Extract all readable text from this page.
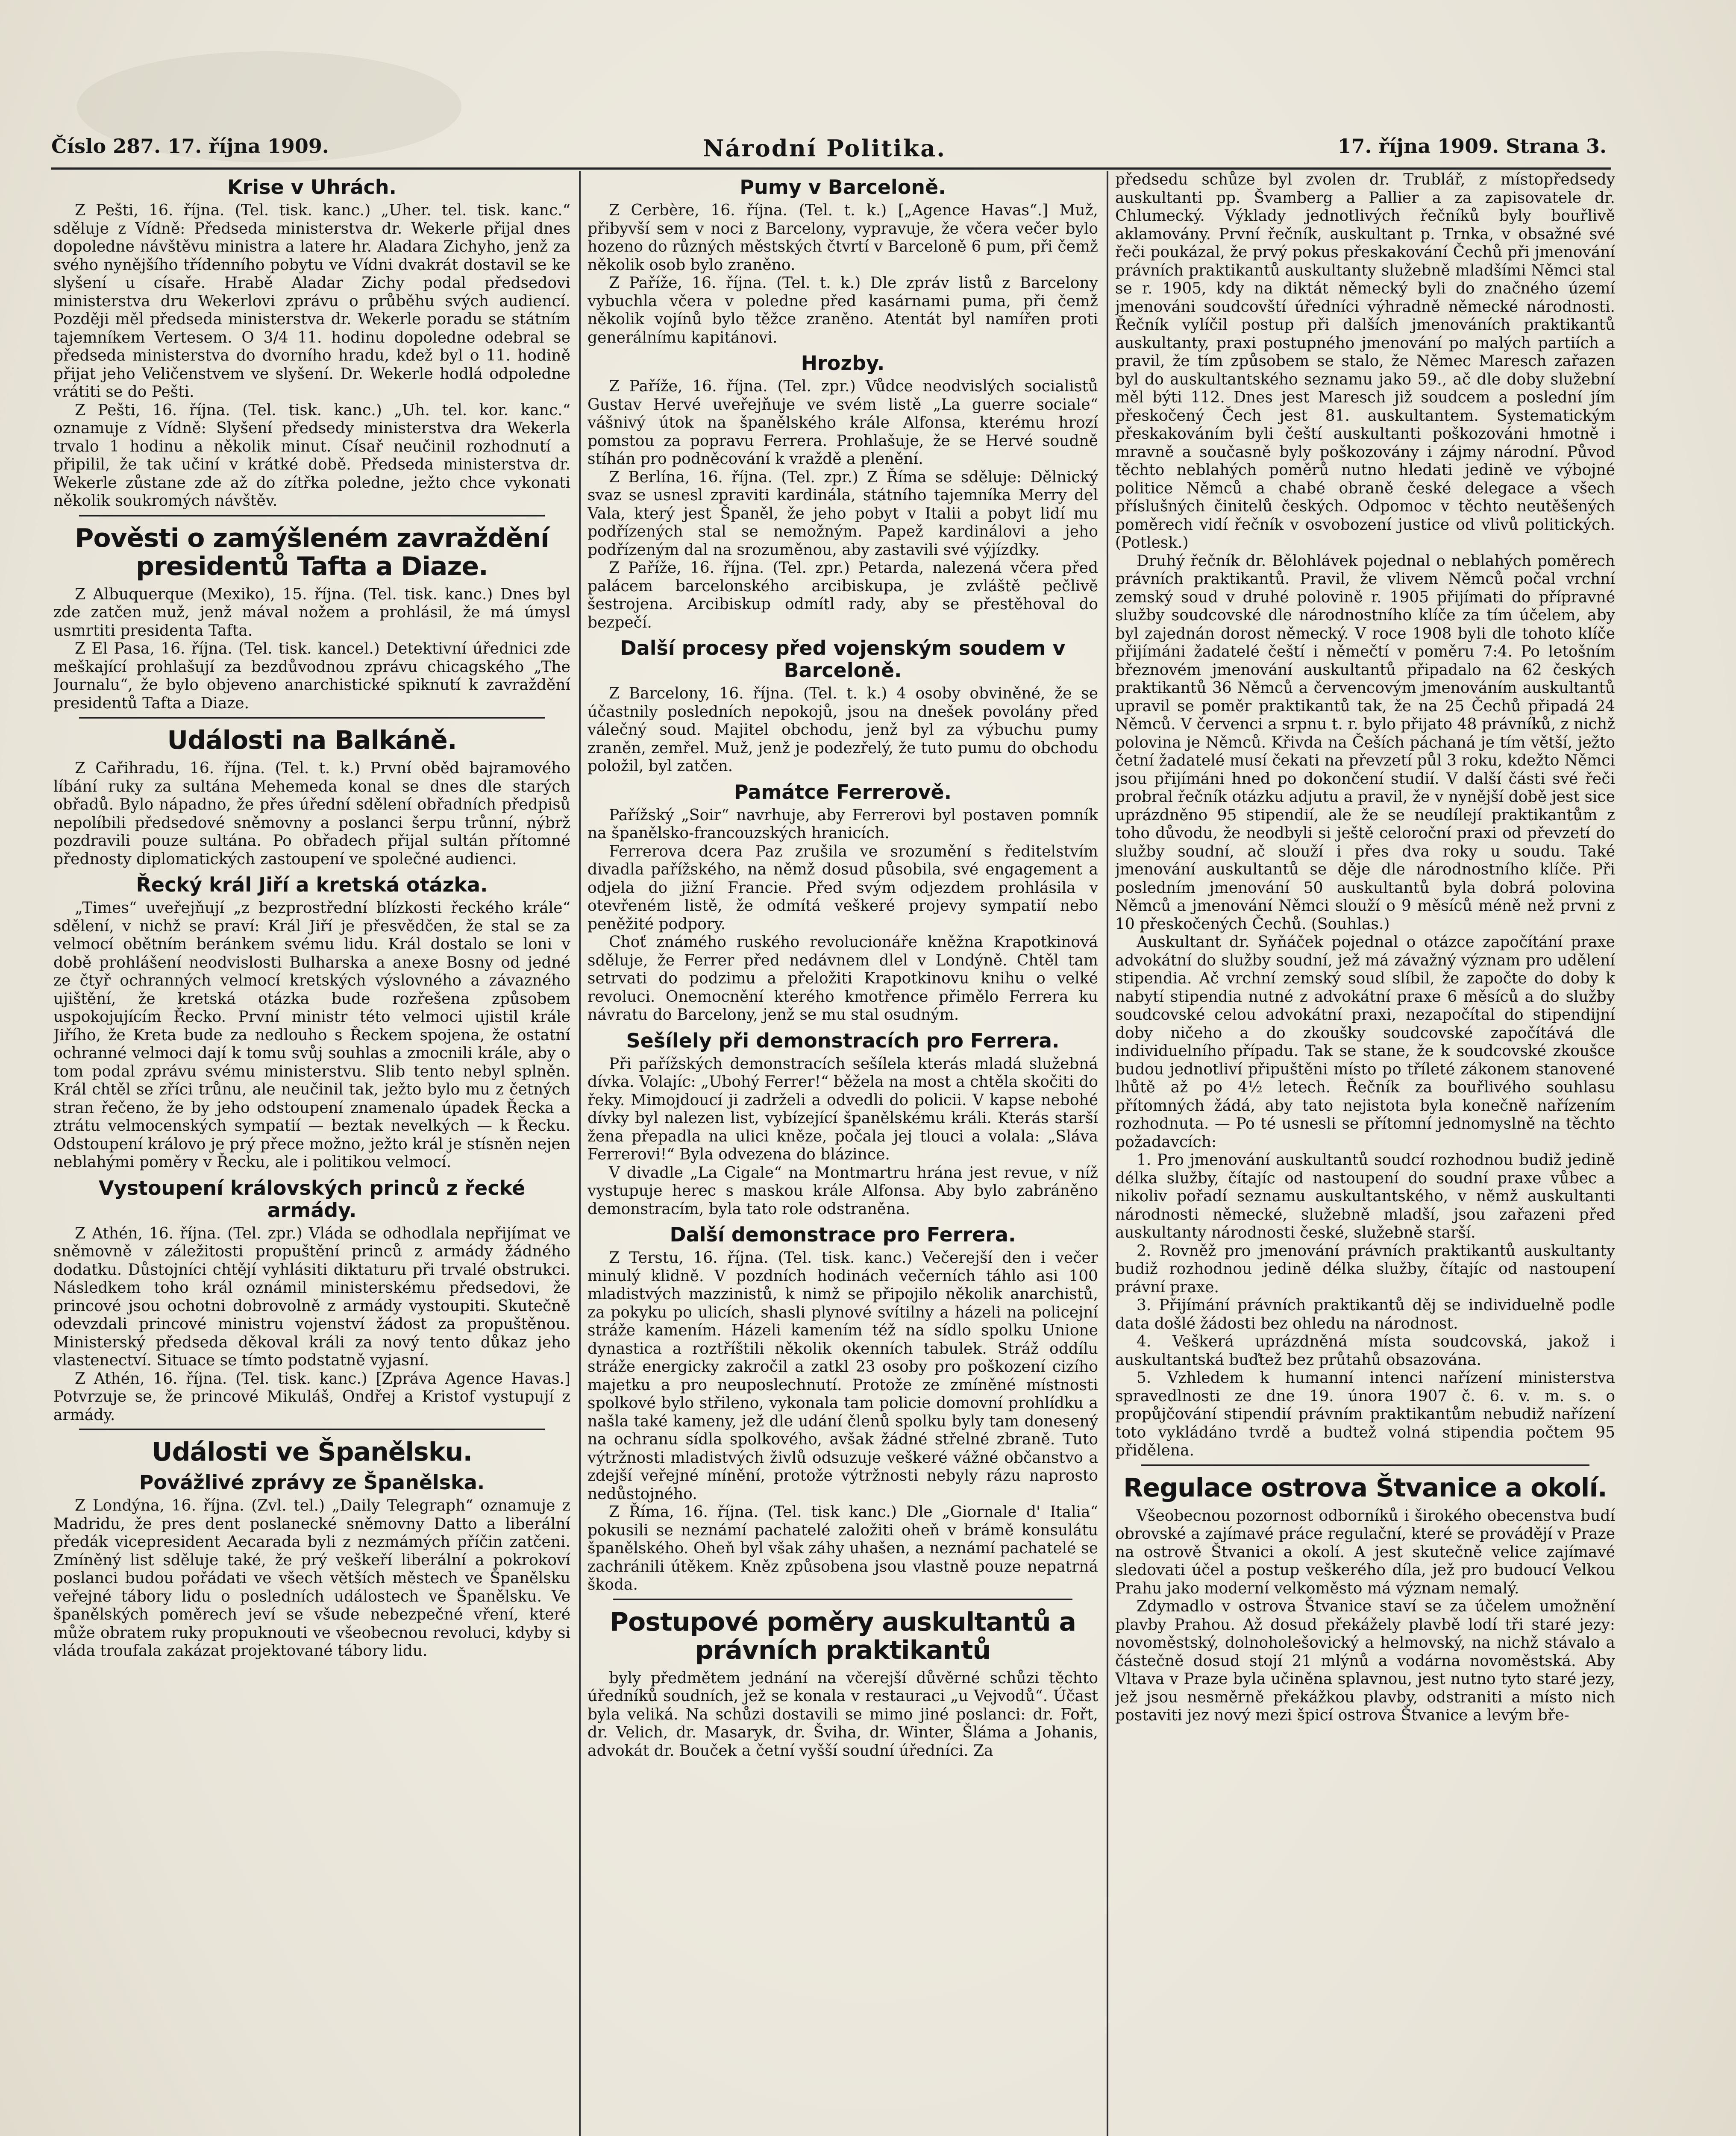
Číslo 287. 17. října 1909.	Národní Politika.	17. října 1909. Strana 3.
Krise v Uhrách.

Z Pešti, 16. října. (Tel. tisk. kanc.) „Uher. tel. tisk. kanc.“ sděluje z Vídně: Předseda ministerstva dr. Wekerle přijal dnes dopoledne návštěvu ministra a latere hr. Aladara Zichyho, jenž za svého nynějšího třídenního pobytu ve Vídni dvakrát dostavil se ke slyšení u císaře. Hrabě Aladar Zichy podal předsedovi ministerstva dru Wekerlovi zprávu o průběhu svých audiencí. Později měl předseda ministerstva dr. Wekerle poradu se státním tajemníkem Vertesem. O 3/4 11. hodinu dopoledne odebral se předseda ministerstva do dvorního hradu, kdež byl o 11. hodině přijat jeho Veličenstvem ve slyšení. Dr. Wekerle hodlá odpoledne vrátiti se do Pešti.

Z Pešti, 16. října. (Tel. tisk. kanc.) „Uh. tel. kor. kanc.“ oznamuje z Vídně: Slyšení předsedy ministerstva dra Wekerla trvalo 1 hodinu a několik minut. Císař neučinil rozhodnutí a připilil, že tak učiní v krátké době. Předseda ministerstva dr. Wekerle zůstane zde až do zítřka poledne, ježto chce vykonati několik soukromých návštěv.

Pověsti o zamýšleném zavraždění presidentů Tafta a Diaze.

Z Albuquerque (Mexiko), 15. října. (Tel. tisk. kanc.) Dnes byl zde zatčen muž, jenž mával nožem a prohlásil, že má úmysl usmrtiti presidenta Tafta.

Z El Pasa, 16. října. (Tel. tisk. kancel.) Detektivní úřednici zde meškající prohlašují za bezdůvodnou zprávu chicagského „The Journalu“, že bylo objeveno anarchistické spiknutí k zavraždění presidentů Tafta a Diaze.

Události na Balkáně.

Z Cařihradu, 16. října. (Tel. t. k.) První oběd bajramového líbání ruky za sultána Mehemeda konal se dnes dle starých obřadů. Bylo nápadno, že přes úřední sdělení obřadních předpisů nepolíbili předsedové sněmovny a poslanci šerpu trůnní, nýbrž pozdravili pouze sultána. Po obřadech přijal sultán přítomné přednosty diplomatických zastoupení ve společné audienci.

Řecký král Jiří a kretská otázka.

„Times“ uveřejňují „z bezprostřední blízkosti řeckého krále“ sdělení, v nichž se praví: Král Jiří je přesvědčen, že stal se za velmocí obětním beránkem svému lidu. Král dostalo se loni v době prohlášení neodvislosti Bulharska a anexe Bosny od jedné ze čtyř ochranných velmocí kretských výslovného a závazného ujištění, že kretská otázka bude rozřešena způsobem uspokojujícím Řecko. První ministr této velmoci ujistil krále Jiřího, že Kreta bude za nedlouho s Řeckem spojena, že ostatní ochranné velmoci dají k tomu svůj souhlas a zmocnili krále, aby o tom podal zprávu svému ministerstvu. Slib tento nebyl splněn. Král chtěl se zříci trůnu, ale neučinil tak, ježto bylo mu z četných stran řečeno, že by jeho odstoupení znamenalo úpadek Řecka a ztrátu velmocenských sympatií — beztak nevelkých — k Řecku. Odstoupení královo je prý přece možno, ježto král je stísněn nejen neblahými poměry v Řecku, ale i politikou velmocí.

Vystoupení královských princů z řecké armády.

Z Athén, 16. října. (Tel. zpr.) Vláda se odhodlala nepřijímat ve sněmovně v záležitosti propuštění princů z armády žádného dodatku. Důstojníci chtějí vyhlásiti diktaturu při trvalé obstrukci. Následkem toho král oznámil ministerskému předsedovi, že princové jsou ochotni dobrovolně z armády vystoupiti. Skutečně odevzdali princové ministru vojenství žádost za propuštěnou. Ministerský předseda děkoval králi za nový tento důkaz jeho vlastenectví. Situace se tímto podstatně vyjasní.

Z Athén, 16. října. (Tel. tisk. kanc.) [Zpráva Agence Havas.] Potvrzuje se, že princové Mikuláš, Ondřej a Kristof vystupují z armády.

Události ve Španělsku.
Povážlivé zprávy ze Španělska.

Z Londýna, 16. října. (Zvl. tel.) „Daily Telegraph“ oznamuje z Madridu, že pres dent poslanecké sněmovny Datto a liberální předák vicepresident Aecarada byli z nezmámých příčin zatčeni. Zmíněný list sděluje také, že prý veškeří liberální a pokrokoví poslanci budou pořádati ve všech větších městech ve Španělsku veřejné tábory lidu o posledních událostech ve Španělsku. Ve španělských poměrech jeví se všude nebezpečné vření, které může obratem ruky propuknouti ve všeobecnou revoluci, kdyby si vláda troufala zakázat projektované tábory lidu.

Pumy v Barceloně.

Z Cerbère, 16. října. (Tel. t. k.) [„Agence Havas“.] Muž, přibyvší sem v noci z Barcelony, vypravuje, že včera večer bylo hozeno do různých městských čtvrtí v Barceloně 6 pum, při čemž několik osob bylo zraněno.

Z Paříže, 16. října. (Tel. t. k.) Dle zpráv listů z Barcelony vybuchla včera v poledne před kasárnami puma, při čemž několik vojínů bylo těžce zraněno. Atentát byl namířen proti generálnímu kapitánovi.

Hrozby.

Z Paříže, 16. října. (Tel. zpr.) Vůdce neodvislých socialistů Gustav Hervé uveřejňuje ve svém listě „La guerre sociale“ vášnivý útok na španělského krále Alfonsa, kterému hrozí pomstou za popravu Ferrera. Prohlašuje, že se Hervé soudně stíhán pro podněcování k vraždě a plenění.

Z Berlína, 16. října. (Tel. zpr.) Z Říma se sděluje: Dělnický svaz se usnesl zpraviti kardinála, státního tajemníka Merry del Vala, který jest Španěl, že jeho pobyt v Italii a pobyt lidí mu podřízených stal se nemožným. Papež kardinálovi a jeho podřízeným dal na srozuměnou, aby zastavili své výjízdky.

Z Paříže, 16. října. (Tel. zpr.) Petarda, nalezená včera před palácem barcelonského arcibiskupa, je zvláště pečlivě šestrojena. Arcibiskup odmítl rady, aby se přestěhoval do bezpečí.

Další procesy před vojenským soudem v Barceloně.

Z Barcelony, 16. října. (Tel. t. k.) 4 osoby obviněné, že se účastnily posledních nepokojů, jsou na dnešek povolány před válečný soud. Majitel obchodu, jenž byl za výbuchu pumy zraněn, zemřel. Muž, jenž je podezřelý, že tuto pumu do obchodu položil, byl zatčen.

Památce Ferrerově.

Pařížský „Soir“ navrhuje, aby Ferrerovi byl postaven pomník na španělsko-francouzských hranicích.

Ferrerova dcera Paz zrušila ve srozumění s ředitelstvím divadla pařížského, na němž dosud působila, své engagement a odjela do jižní Francie. Před svým odjezdem prohlásila v otevřeném listě, že odmítá veškeré projevy sympatií nebo peněžité podpory.

Choť známého ruského revolucionáře kněžna Krapotkinová sděluje, že Ferrer před nedávnem dlel v Londýně. Chtěl tam setrvati do podzimu a přeložiti Krapotkinovu knihu o velké revoluci. Onemocnění kterého kmotřence přimělo Ferrera ku návratu do Barcelony, jenž se mu stal osudným.

Sešílely při demonstracích pro Ferrera.

Při pařížských demonstracích sešílela kterás mladá služebná dívka. Volajíc: „Ubohý Ferrer!“ běžela na most a chtěla skočiti do řeky. Mimojdoucí ji zadrželi a odvedli do policii. V kapse nebohé dívky byl nalezen list, vybízející španělskému králi. Kterás starší žena přepadla na ulici kněze, počala jej tlouci a volala: „Sláva Ferrerovi!“ Byla odvezena do blázince.

V divadle „La Cigale“ na Montmartru hrána jest revue, v níž vystupuje herec s maskou krále Alfonsa. Aby bylo zabráněno demonstracím, byla tato role odstraněna.

Další demonstrace pro Ferrera.

Z Terstu, 16. října. (Tel. tisk. kanc.) Večerejší den i večer minulý klidně. V pozdních hodinách večerních táhlo asi 100 mladistvých mazzinistů, k nimž se připojilo několik anarchistů, za pokyku po ulicích, shasli plynové svítilny a házeli na policejní stráže kamením. Házeli kamením též na sídlo spolku Unione dynastica a roztříštili několik okenních tabulek. Stráž oddílu stráže energicky zakročil a zatkl 23 osoby pro poškození cizího majetku a pro neuposlechnutí. Protože ze zmíněné místnosti spolkové bylo střileno, vykonala tam policie domovní prohlídku a našla také kameny, jež dle udání členů spolku byly tam donesený na ochranu sídla spolkového, avšak žádné střelné zbraně. Tuto výtržnosti mladistvých živlů odsuzuje veškeré vážné občanstvo a zdejší veřejné mínění, protože výtržnosti nebyly rázu naprosto nedůstojného.

Z Říma, 16. října. (Tel. tisk kanc.) Dle „Giornale d' Italia“ pokusili se neznámí pachatelé založiti oheň v brámě konsulátu španělského. Oheň byl však záhy uhašen, a neznámí pachatelé se zachránili útěkem. Kněz způsobena jsou vlastně pouze nepatrná škoda.

Postupové poměry auskultantů a právních praktikantů

byly předmětem jednání na včerejší důvěrné schůzi těchto úředníků soudních, jež se konala v restauraci „u Vejvodů“. Účast byla veliká. Na schůzi dostavili se mimo jiné poslanci: dr. Fořt, dr. Velich, dr. Masaryk, dr. Šviha, dr. Winter, Šláma a Johanis, advokát dr. Bouček a četní vyšší soudní úředníci. Za

předsedu schůze byl zvolen dr. Trublář, z místopředsedy auskultanti pp. Švamberg a Pallier a za zapisovatele dr. Chlumecký. Výklady jednotlivých řečníků byly bouřlivě aklamovány. První řečník, auskultant p. Trnka, v obsažné své řeči poukázal, že prvý pokus přeskakování Čechů při jmenování právních praktikantů auskultanty služebně mladšími Němci stal se r. 1905, kdy na diktát německý byli do značného území jmenováni soudcovští úředníci výhradně německé národnosti. Řečník vylíčil postup při dalších jmenováních praktikantů auskultanty, praxi postupného jmenování po malých partiích a pravil, že tím způsobem se stalo, že Němec Maresch zařazen byl do auskultantského seznamu jako 59., ač dle doby služební měl býti 112. Dnes jest Maresch již soudcem a poslední jím přeskočený Čech jest 81. auskultantem. Systematickým přeskakováním byli čeští auskultanti poškozováni hmotně i mravně a současně byly poškozovány i zájmy národní. Původ těchto neblahých poměrů nutno hledati jedině ve výbojné politice Němců a chabé obraně české delegace a všech příslušných činitelů českých. Odpomoc v těchto neutěšených poměrech vidí řečník v osvobození justice od vlivů politických. (Potlesk.)

Druhý řečník dr. Bělohlávek pojednal o neblahých poměrech právních praktikantů. Pravil, že vlivem Němců počal vrchní zemský soud v druhé polovině r. 1905 přijímati do přípravné služby soudcovské dle národnostního klíče za tím účelem, aby byl zajednán dorost německý. V roce 1908 byli dle tohoto klíče přijímáni žadatelé čeští i němečtí v poměru 7:4. Po letošním březnovém jmenování auskultantů připadalo na 62 českých praktikantů 36 Němců a červencovým jmenováním auskultantů upravil se poměr praktikantů tak, že na 25 Čechů připadá 24 Němců. V červenci a srpnu t. r. bylo přijato 48 právníků, z nichž polovina je Němců. Křivda na Češích páchaná je tím větší, ježto četní žadatelé musí čekati na převzetí půl 3 roku, kdežto Němci jsou přijímáni hned po dokončení studií. V další části své řeči probral řečník otázku adjutu a pravil, že v nynější době jest sice uprázdněno 95 stipendií, ale že se neudílejí praktikantům z toho důvodu, že neodbyli si ještě celoroční praxi od převzetí do služby soudní, ač slouží i přes dva roky u soudu. Také jmenování auskultantů se děje dle národnostního klíče. Při posledním jmenování 50 auskultantů byla dobrá polovina Němců a jmenování Němci slouží o 9 měsíců méně než prvni z 10 přeskočených Čechů. (Souhlas.)

Auskultant dr. Syňáček pojednal o otázce započítání praxe advokátní do služby soudní, jež má závažný význam pro udělení stipendia. Ač vrchní zemský soud slíbil, že započte do doby k nabytí stipendia nutné z advokátní praxe 6 měsíců a do služby soudcovské celou advokátní praxi, nezapočítal do stipendijní doby ničeho a do zkoušky soudcovské započítává dle individuelního případu. Tak se stane, že k soudcovské zkoušce budou jednotliví připuštěni místo po tříleté zákonem stanovené lhůtě až po 4½ letech. Řečník za bouřlivého souhlasu přítomných žádá, aby tato nejistota byla konečně nařízením rozhodnuta. — Po té usnesli se přítomní jednomyslně na těchto požadavcích:

1. Pro jmenování auskultantů soudcí rozhodnou budiž jedině délka služby, čítajíc od nastoupení do soudní praxe vůbec a nikoliv pořadí seznamu auskultantského, v němž auskultanti národnosti německé, služebně mladší, jsou zařazeni před auskultanty národnosti české, služebně starší.

2. Rovněž pro jmenování právních praktikantů auskultanty budiž rozhodnou jedině délka služby, čítajíc od nastoupení právní praxe.

3. Přijímání právních praktikantů děj se individuelně podle data došlé žádosti bez ohledu na národnost.

4. Veškerá uprázdněná místa soudcovská, jakož i auskultantská buďtež bez průtahů obsazována.

5. Vzhledem k humanní intenci nařízení ministerstva spravedlnosti ze dne 19. února 1907 č. 6. v. m. s. o propůjčování stipendií právním praktikantům nebudiž nařízení toto vykládáno tvrdě a budtež volná stipendia počtem 95 přidělena.

Regulace ostrova Štvanice a okolí.

Všeobecnou pozornost odborníků i širokého obecenstva budí obrovské a zajímavé práce regulační, které se provádějí v Praze na ostrově Štvanici a okolí. A jest skutečně velice zajímavé sledovati účel a postup veškerého díla, jež pro budoucí Velkou Prahu jako moderní velkoměsto má význam nemalý.

Zdymadlo v ostrova Štvanice staví se za účelem umožnění plavby Prahou. Až dosud překážely plavbě lodí tři staré jezy: novoměstský, dolnoholešovický a helmovský, na nichž stávalo a částečně dosud stojí 21 mlýnů a vodárna novoměstská. Aby Vltava v Praze byla učiněna splavnou, jest nutno tyto staré jezy, jež jsou nesměrně překážkou plavby, odstraniti a místo nich postaviti jez nový mezi špicí ostrova Štvanice a levým bře-
